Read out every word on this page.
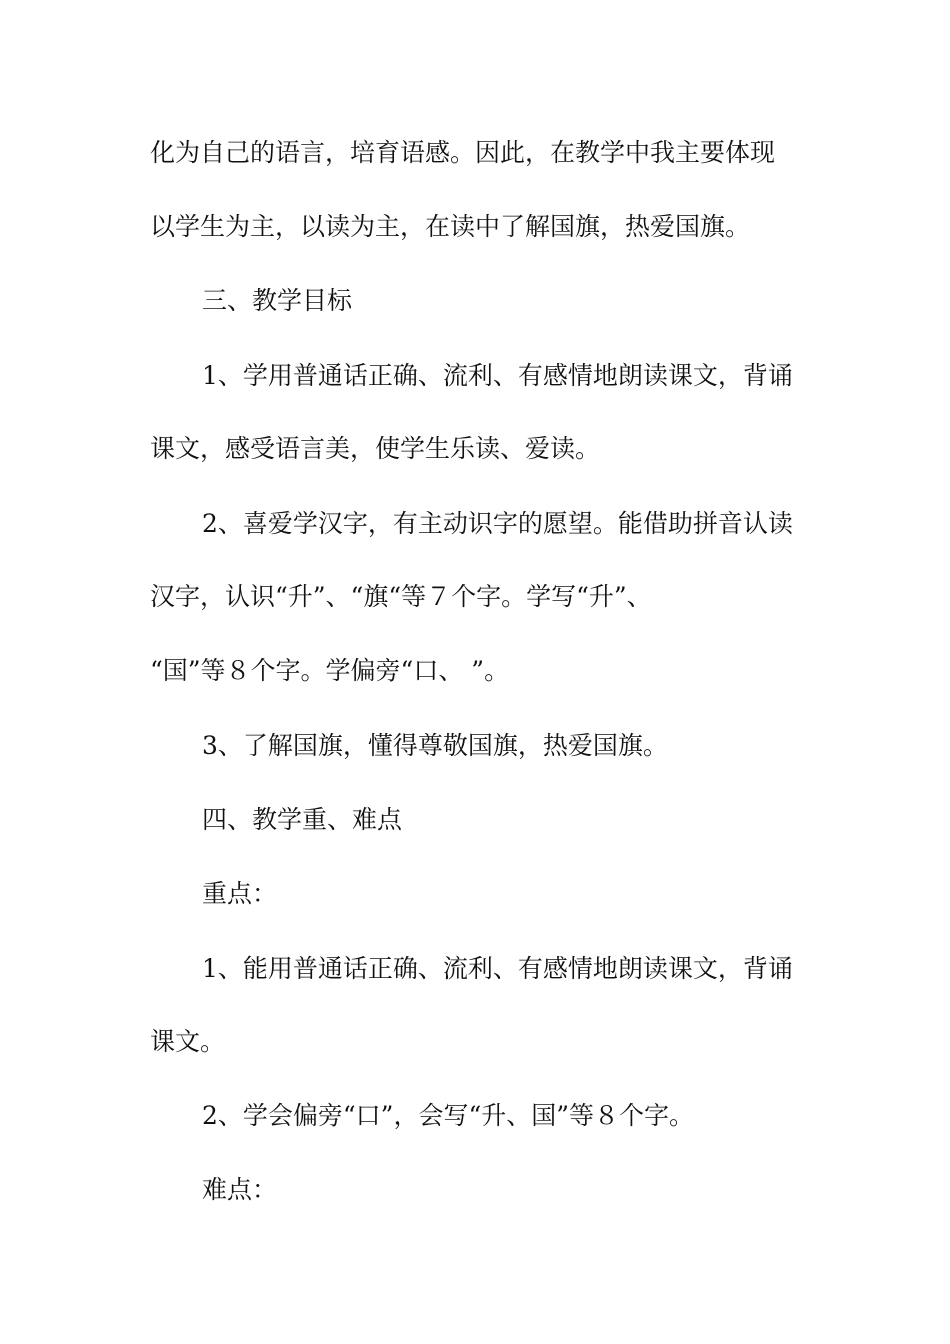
化为自己的语言，培育语感。因此，在教学中我主要体现
以学生为主，以读为主，在读中了解国旗，热爱国旗。
三、教学目标
1、学用普通话正确、流利、有感情地朗读课文，背诵
课文，感受语言美，使学生乐读、爱读。
2、喜爱学汉字，有主动识字的愿望。能借助拼音认读
汉字，认识“升”、“旗“等７个字。学写“升”、
“国”等８个字。学偏旁“口、 ”。
3、了解国旗，懂得尊敬国旗，热爱国旗。
四、教学重、难点
重点：
1、能用普通话正确、流利、有感情地朗读课文，背诵
课文。
2、学会偏旁“口”，会写“升、国”等８个字。
难点：
